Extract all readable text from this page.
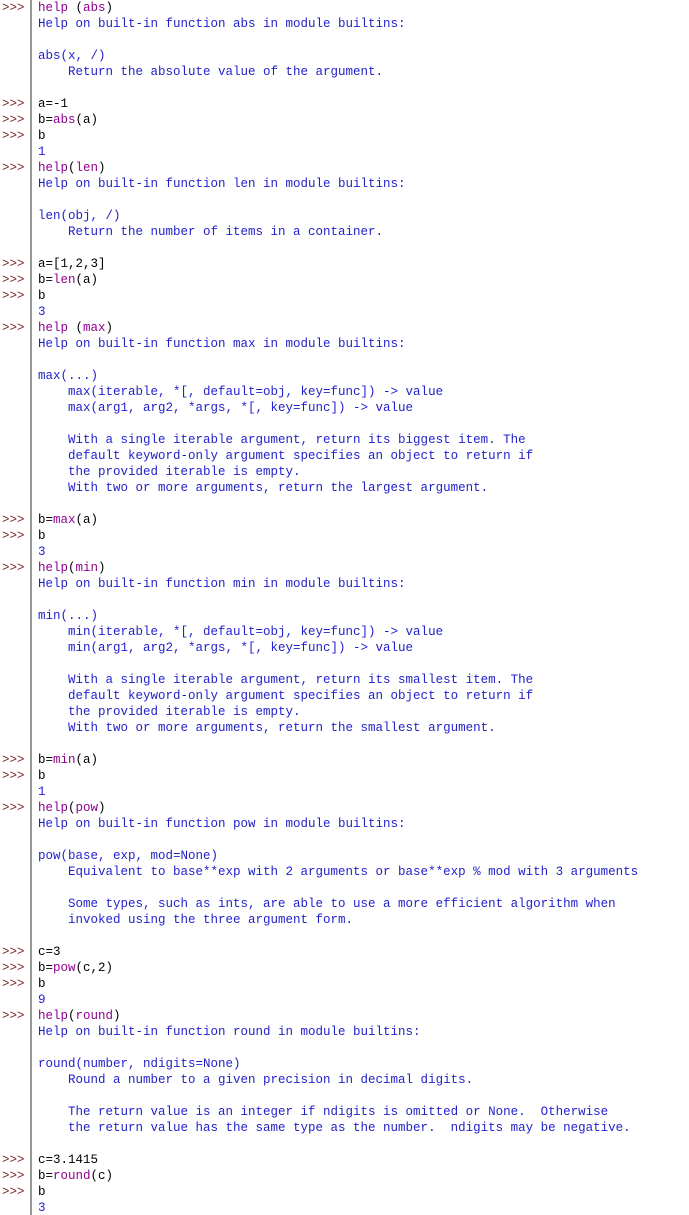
>>>	help (abs)
Help on built-in function abs in module builtins:
abs(x, /)
Return the absolute value of the argument.
>>>	a=-1
>>>	b=abs(a)
>>>	b
1
>>>	help(len)
Help on built-in function len in module builtins:
len(obj, /)
Return the number of items in a container.
>>>	a=[1,2,3]
>>>	b=len(a)
>>>	b
3
>>>	help (max)
Help on built-in function max in module builtins:
max(...)
max(iterable, *[, default=obj, key=func]) -> value
max(arg1, arg2, *args, *[, key=func]) -> value
With a single iterable argument, return its biggest item. The
default keyword-only argument specifies an object to return if
the provided iterable is empty.
With two or more arguments, return the largest argument.
>>>	b=max(a)
>>>	b
3
>>>	help(min)
Help on built-in function min in module builtins:
min(...)
min(iterable, *[, default=obj, key=func]) -> value
min(arg1, arg2, *args, *[, key=func]) -> value
With a single iterable argument, return its smallest item. The
default keyword-only argument specifies an object to return if
the provided iterable is empty.
With two or more arguments, return the smallest argument.
>>>	b=min(a)
>>>	b
1
>>>	help(pow)
Help on built-in function pow in module builtins:
pow(base, exp, mod=None)
Equivalent to base**exp with 2 arguments or base**exp % mod with 3 arguments
Some types, such as ints, are able to use a more efficient algorithm when
invoked using the three argument form.
>>>	c=3
>>>	b=pow(c,2)
>>>	b
9
>>>	help(round)
Help on built-in function round in module builtins:
round(number, ndigits=None)
Round a number to a given precision in decimal digits.
The return value is an integer if ndigits is omitted or None.  Otherwise
the return value has the same type as the number.  ndigits may be negative.
>>>	c=3.1415
>>>	b=round(c)
>>>	b
3
